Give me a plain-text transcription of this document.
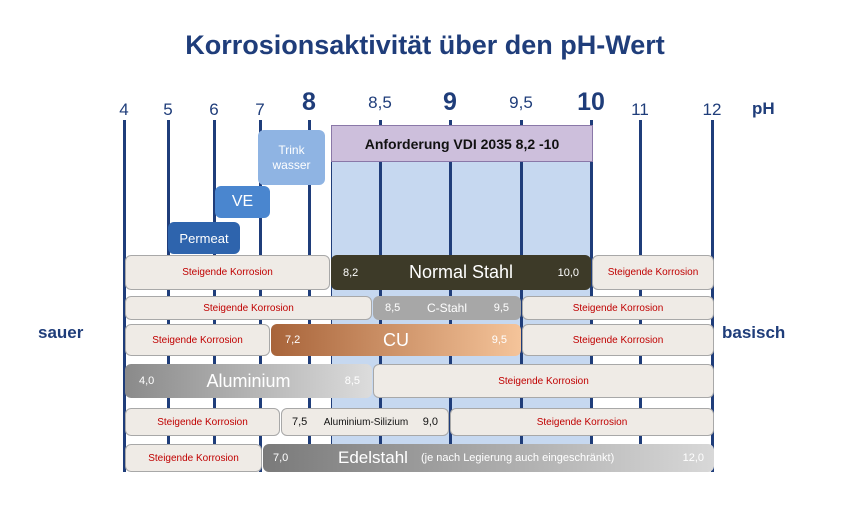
Korrosionsaktivität über den pH-Wert
4	5	6	7	8	8,5	9	9,5	10	11	12	pH
Anforderung VDI 2035 8,2 -10
Trink
wasser
VE
Permeat
sauer	basisch
Steigende Korrosion	8,2	Normal Stahl	10,0	Steigende Korrosion
Steigende Korrosion	8,5	C-Stahl	9,5	Steigende Korrosion
Steigende Korrosion	7,2	CU	9,5	Steigende Korrosion
4,0	Aluminium	8,5	Steigende Korrosion
Steigende Korrosion	7,5	Aluminium-Silizium	9,0	Steigende Korrosion
Steigende Korrosion	7,0	Edelstahl (je nach Legierung auch eingeschränkt)	12,0
